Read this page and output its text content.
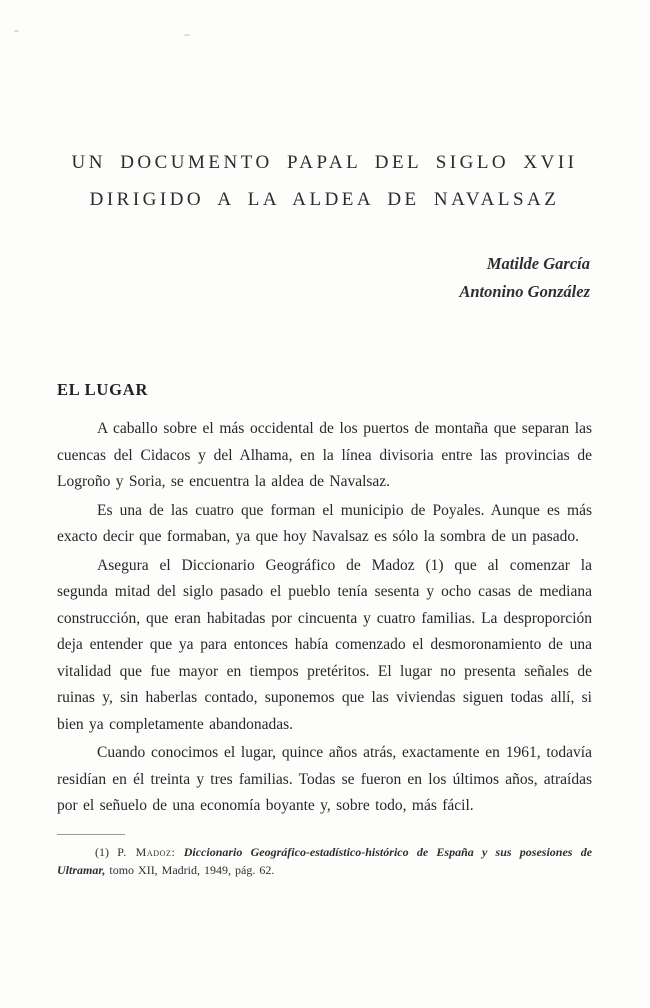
UN DOCUMENTO PAPAL DEL SIGLO XVII
DIRIGIDO A LA ALDEA DE NAVALSAZ
Matilde García
Antonino González
EL LUGAR

A caballo sobre el más occidental de los puertos de montaña que separan las cuencas del Cidacos y del Alhama, en la línea divisoria entre las provincias de Logroño y Soria, se encuentra la aldea de Navalsaz.

Es una de las cuatro que forman el municipio de Poyales. Aunque es más exacto decir que formaban, ya que hoy Navalsaz es sólo la sombra de un pasado.

Asegura el Diccionario Geográfico de Madoz (1) que al comenzar la segunda mitad del siglo pasado el pueblo tenía sesenta y ocho casas de mediana construcción, que eran habitadas por cincuenta y cuatro familias. La desproporción deja entender que ya para entonces había comenzado el desmoronamiento de una vitalidad que fue mayor en tiempos pretéritos. El lugar no presenta señales de ruinas y, sin haberlas contado, suponemos que las viviendas siguen todas allí, si bien ya completamente abandonadas.

Cuando conocimos el lugar, quince años atrás, exactamente en 1961, todavía residían en él treinta y tres familias. Todas se fueron en los últimos años, atraídas por el señuelo de una economía boyante y, sobre todo, más fácil.

(1) P. Madoz: Diccionario Geográfico-estadístico-histórico de España y sus posesiones de Ultramar, tomo XII, Madrid, 1949, pág. 62.
